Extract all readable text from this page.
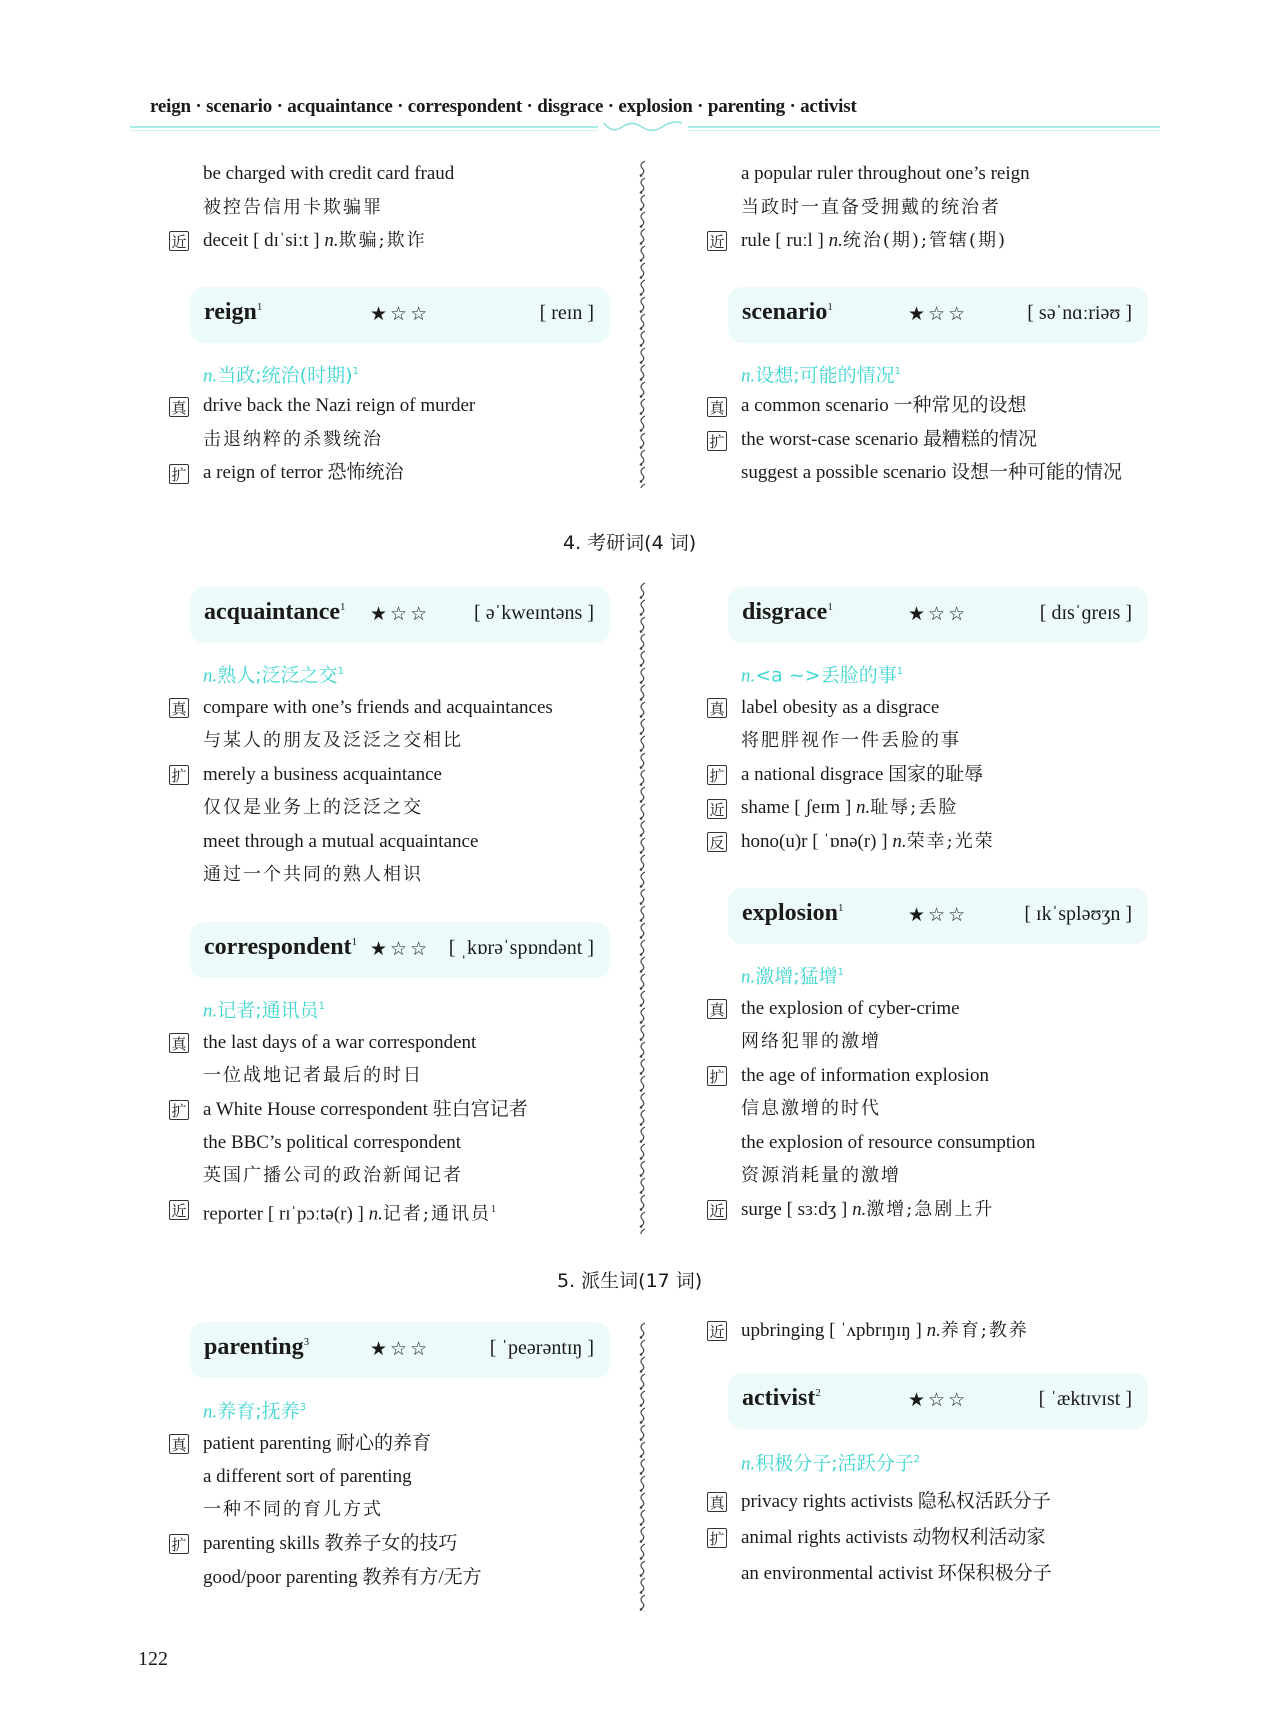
reign · scenario · acquaintance · correspondent · disgrace · explosion · parenting · activist
be charged with credit card fraud
被控告信用卡欺骗罪
近 deceit [ dɪˈsiːt ] n.欺骗;欺诈
reign$^1$	★☆☆	[ reɪn ]
n.当政;统治(时期)$^1$
真 drive back the Nazi reign of murder
击退纳粹的杀戮统治
扩 a reign of terror 恐怖统治
a popular ruler throughout one’s reign
当政时一直备受拥戴的统治者
近 rule [ ruːl ] n.统治(期);管辖(期)
scenario$^1$	★☆☆	[ səˈnɑːriəʊ ]
n.设想;可能的情况$^1$
真 a common scenario 一种常见的设想
扩 the worst-case scenario 最糟糕的情况
suggest a possible scenario 设想一种可能的情况
4. 考研词(4 词)
acquaintance$^1$ ★☆☆ [ əˈkweɪntəns ]
n.熟人;泛泛之交$^1$
真 compare with one’s friends and acquaintances
与某人的朋友及泛泛之交相比
扩 merely a business acquaintance
仅仅是业务上的泛泛之交
meet through a mutual acquaintance
通过一个共同的熟人相识
correspondent$^1$ ★☆☆ [ ˌkɒrəˈspɒndənt ]
n.记者;通讯员$^1$
真 the last days of a war correspondent
一位战地记者最后的时日
扩 a White House correspondent 驻白宫记者
the BBC’s political correspondent
英国广播公司的政治新闻记者
近 reporter [ rɪˈpɔːtə(r) ] n.记者;通讯员$^1$
disgrace$^1$	★☆☆	[ dɪsˈɡreɪs ]
n.<a ~>丢脸的事$^1$
真 label obesity as a disgrace
将肥胖视作一件丢脸的事
扩 a national disgrace 国家的耻辱
近 shame [ ʃeɪm ] n.耻辱;丢脸
反 hono(u)r [ ˈɒnə(r) ] n.荣幸;光荣
explosion$^1$	★☆☆	[ ɪkˈspləʊʒn ]
n.激增;猛增$^1$
真 the explosion of cyber-crime
网络犯罪的激增
扩 the age of information explosion
信息激增的时代
the explosion of resource consumption
资源消耗量的激增
近 surge [ sɜːdʒ ] n.激增;急剧上升
5. 派生词(17 词)
parenting$^3$	★☆☆	[ ˈpeərəntɪŋ ]
n.养育;抚养$^3$
真 patient parenting 耐心的养育
a different sort of parenting
一种不同的育儿方式
扩 parenting skills 教养子女的技巧
good/poor parenting 教养有方/无方
近 upbringing [ ˈʌpbrɪŋɪŋ ] n.养育;教养
activist$^2$	★☆☆	[ ˈæktɪvɪst ]
n.积极分子;活跃分子$^2$
真 privacy rights activists 隐私权活跃分子
扩 animal rights activists 动物权利活动家
an environmental activist 环保积极分子
122
